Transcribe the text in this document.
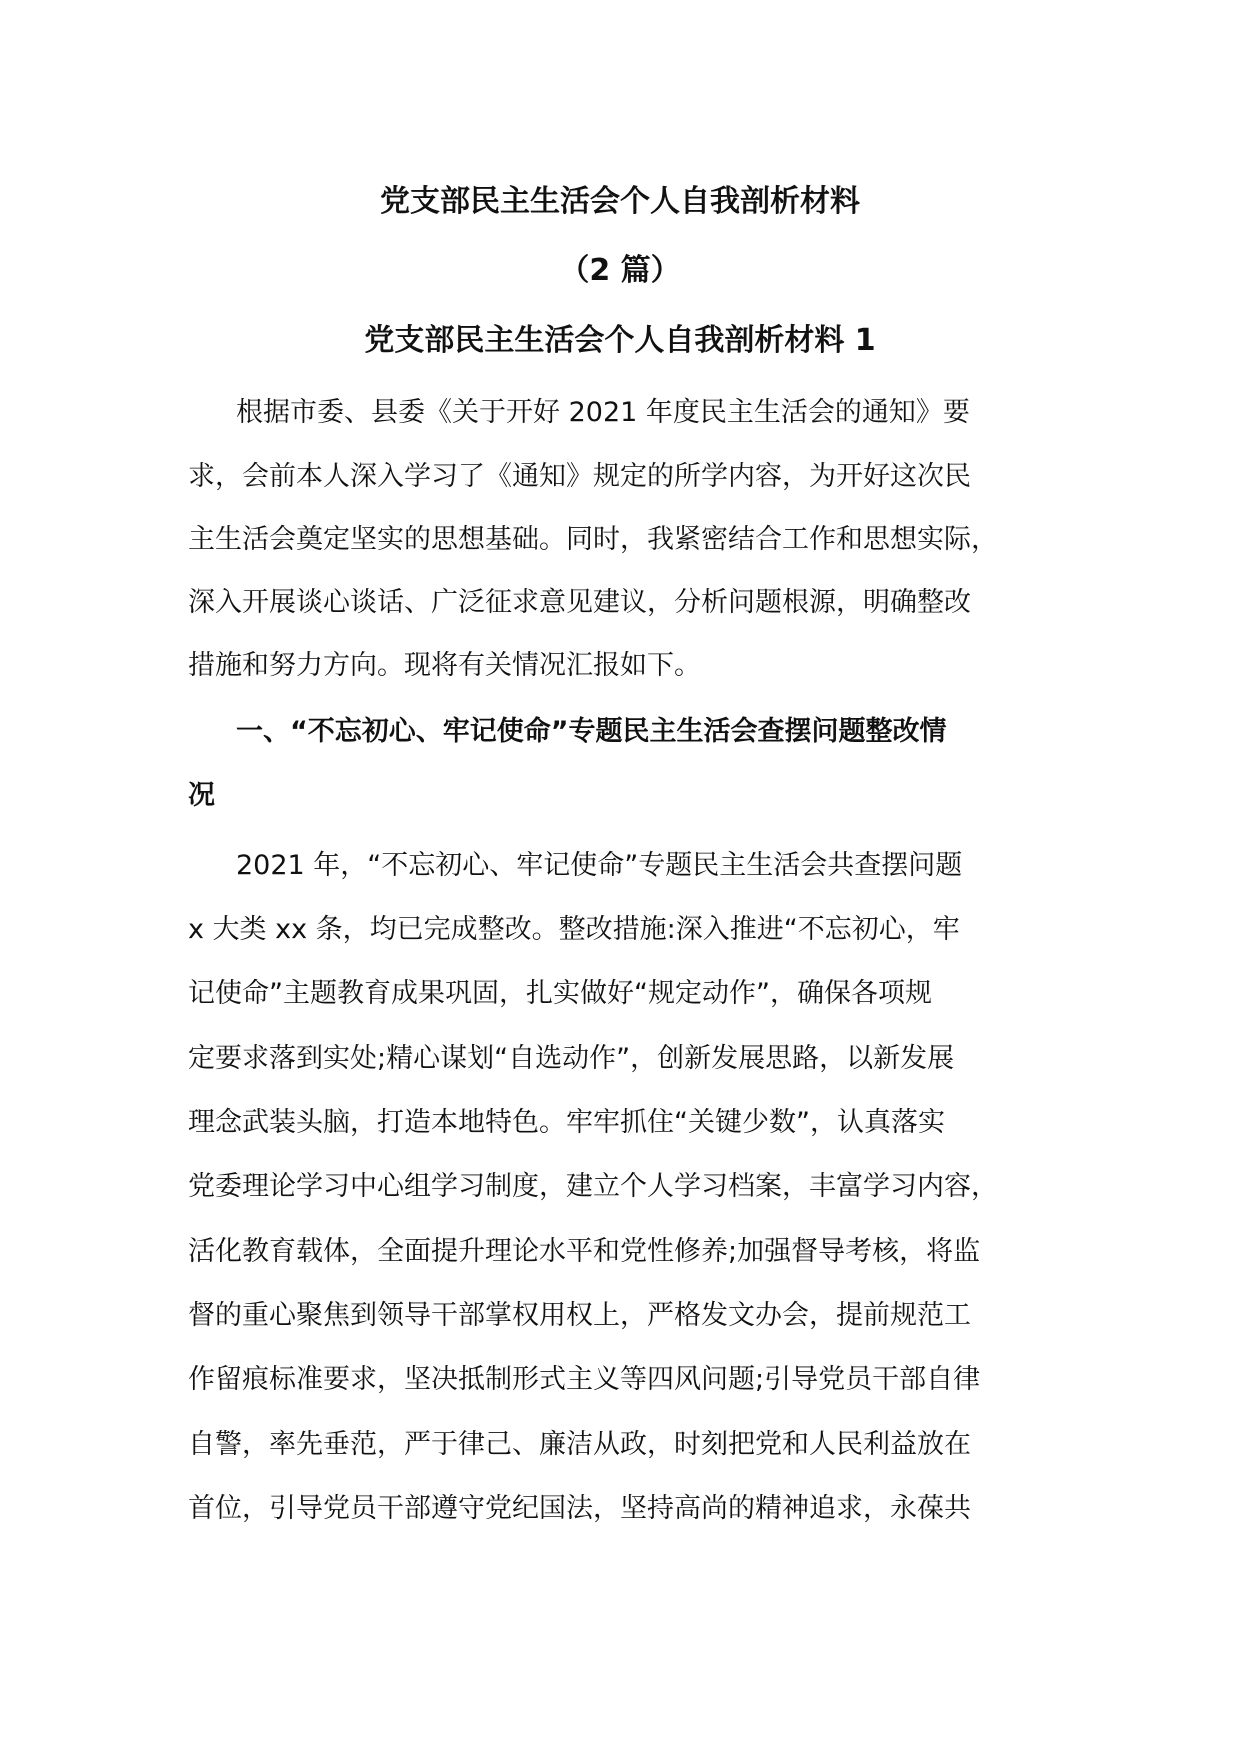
党支部民主生活会个人自我剖析材料
（2 篇）
党支部民主生活会个人自我剖析材料 1
根据市委、县委《关于开好 2021 年度民主生活会的通知》要
求，会前本人深入学习了《通知》规定的所学内容，为开好这次民
主生活会奠定坚实的思想基础。同时，我紧密结合工作和思想实际，
深入开展谈心谈话、广泛征求意见建议，分析问题根源，明确整改
措施和努力方向。现将有关情况汇报如下。
一、“不忘初心、牢记使命”专题民主生活会查摆问题整改情
况
2021 年，“不忘初心、牢记使命”专题民主生活会共查摆问题
x 大类 xx 条，均已完成整改。整改措施:深入推进“不忘初心，牢
记使命”主题教育成果巩固，扎实做好“规定动作”，确保各项规
定要求落到实处;精心谋划“自选动作”，创新发展思路，以新发展
理念武装头脑，打造本地特色。牢牢抓住“关键少数”，认真落实
党委理论学习中心组学习制度，建立个人学习档案，丰富学习内容，
活化教育载体，全面提升理论水平和党性修养;加强督导考核，将监
督的重心聚焦到领导干部掌权用权上，严格发文办会，提前规范工
作留痕标准要求，坚决抵制形式主义等四风问题;引导党员干部自律
自警，率先垂范，严于律己、廉洁从政，时刻把党和人民利益放在
首位，引导党员干部遵守党纪国法，坚持高尚的精神追求，永葆共
